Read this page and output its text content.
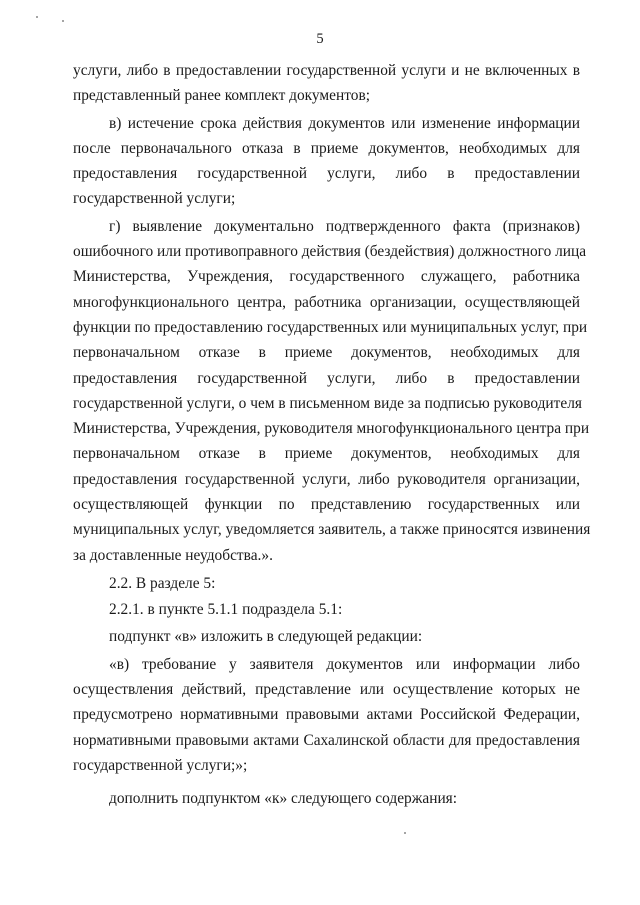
5

услуги, либо в предоставлении государственной услуги и не включенных в
представленный ранее комплект документов;

в) истечение срока действия документов или изменение информации
после первоначального отказа в приеме документов, необходимых для
предоставления государственной услуги, либо в предоставлении
государственной услуги;

г) выявление документально подтвержденного факта (признаков)
ошибочного или противоправного действия (бездействия) должностного лица
Министерства, Учреждения, государственного служащего, работника
многофункционального центра, работника организации, осуществляющей
функции по предоставлению государственных или муниципальных услуг, при
первоначальном отказе в приеме документов, необходимых для
предоставления государственной услуги, либо в предоставлении
государственной услуги, о чем в письменном виде за подписью руководителя
Министерства, Учреждения, руководителя многофункционального центра при
первоначальном отказе в приеме документов, необходимых для
предоставления государственной услуги, либо руководителя организации,
осуществляющей функции по представлению государственных или
муниципальных услуг, уведомляется заявитель, а также приносятся извинения
за доставленные неудобства.».

2.2. В разделе 5:

2.2.1. в пункте 5.1.1 подраздела 5.1:

подпункт «в» изложить в следующей редакции:

«в) требование у заявителя документов или информации либо
осуществления действий, представление или осуществление которых не
предусмотрено нормативными правовыми актами Российской Федерации,
нормативными правовыми актами Сахалинской области для предоставления
государственной услуги;»;

дополнить подпунктом «к» следующего содержания:
